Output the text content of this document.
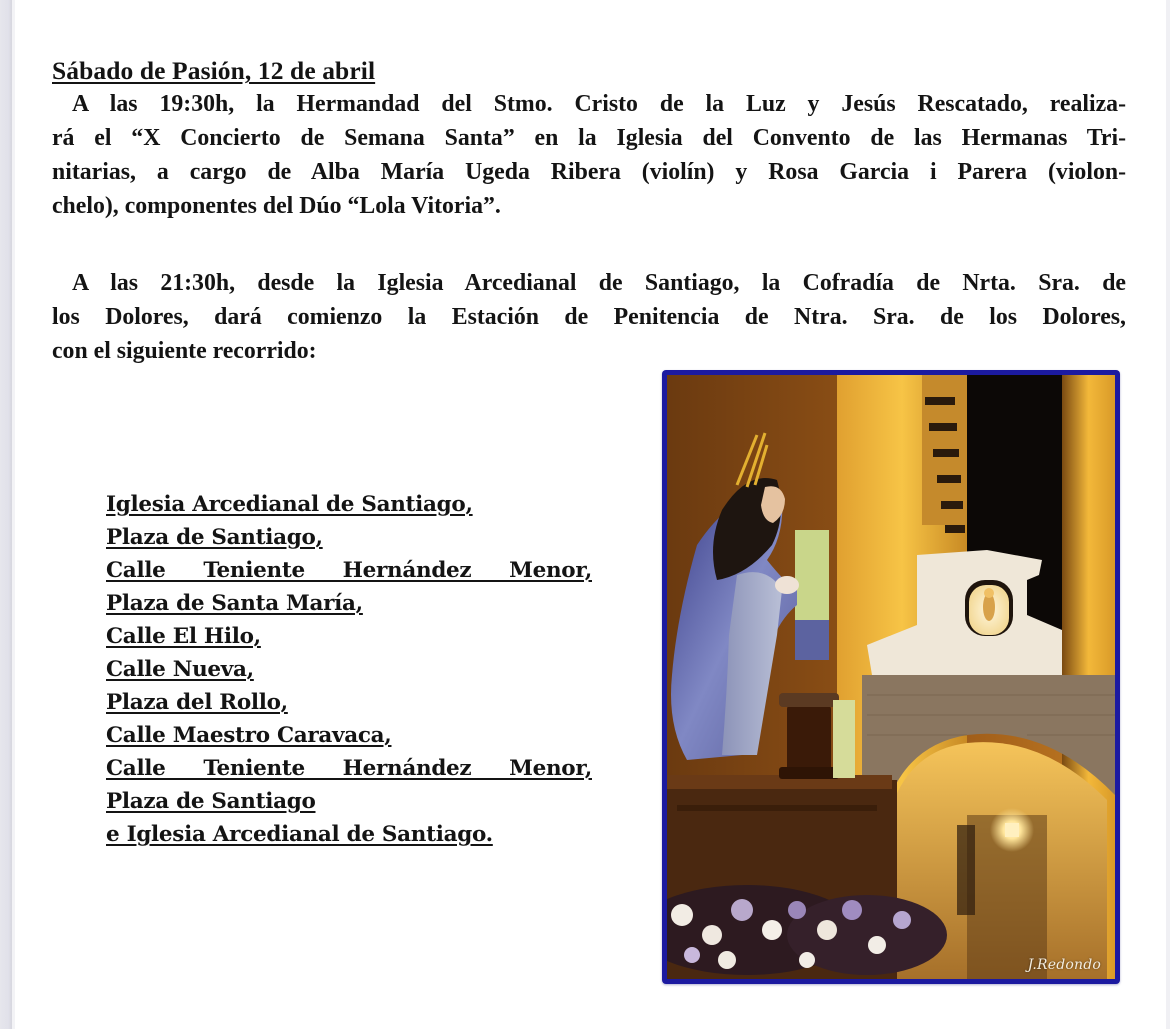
Sábado de Pasión, 12 de abril
A las 19:30h, la Hermandad del Stmo. Cristo de la Luz y Jesús Rescatado, realiza-
rá el “X Concierto de Semana Santa” en la Iglesia del Convento de las Hermanas Tri-
nitarias, a cargo de Alba María Ugeda Ribera (violín) y Rosa Garcia i Parera (violon-
chelo), componentes del Dúo “Lola Vitoria”.
A las 21:30h, desde la Iglesia Arcedianal de Santiago, la Cofradía de Nrta. Sra. de
los Dolores, dará comienzo la Estación de Penitencia de Ntra. Sra. de los Dolores,
con el siguiente recorrido:
Iglesia Arcedianal de Santiago,
Plaza de Santiago,
Calle Teniente Hernández Menor,
Plaza de Santa María,
Calle El Hilo,
Calle Nueva,
Plaza del Rollo,
Calle Maestro Caravaca,
Calle Teniente Hernández Menor,
Plaza de Santiago
e Iglesia Arcedianal de Santiago.
J.Redondo
